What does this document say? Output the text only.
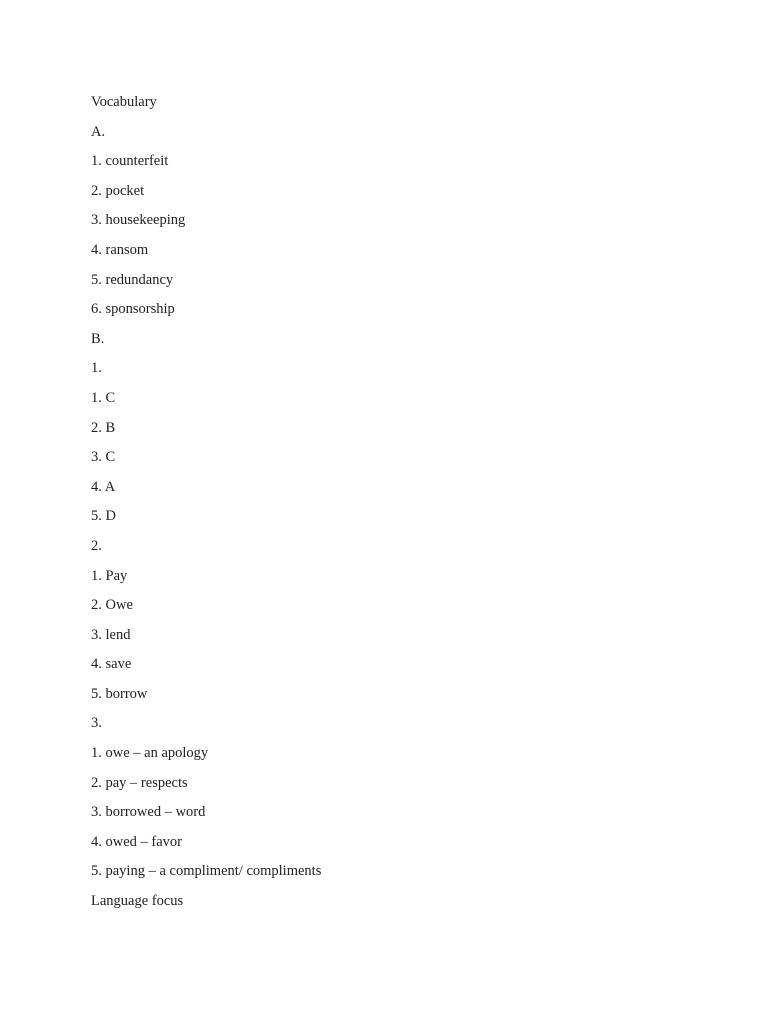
Vocabulary
A.
1. counterfeit
2. pocket
3. housekeeping
4. ransom
5. redundancy
6. sponsorship
B.
1.
1. C
2. B
3. C
4. A
5. D
2.
1. Pay
2. Owe
3. lend
4. save
5. borrow
3.
1. owe – an apology
2. pay – respects
3. borrowed – word
4. owed – favor
5. paying – a compliment/ compliments
Language focus
